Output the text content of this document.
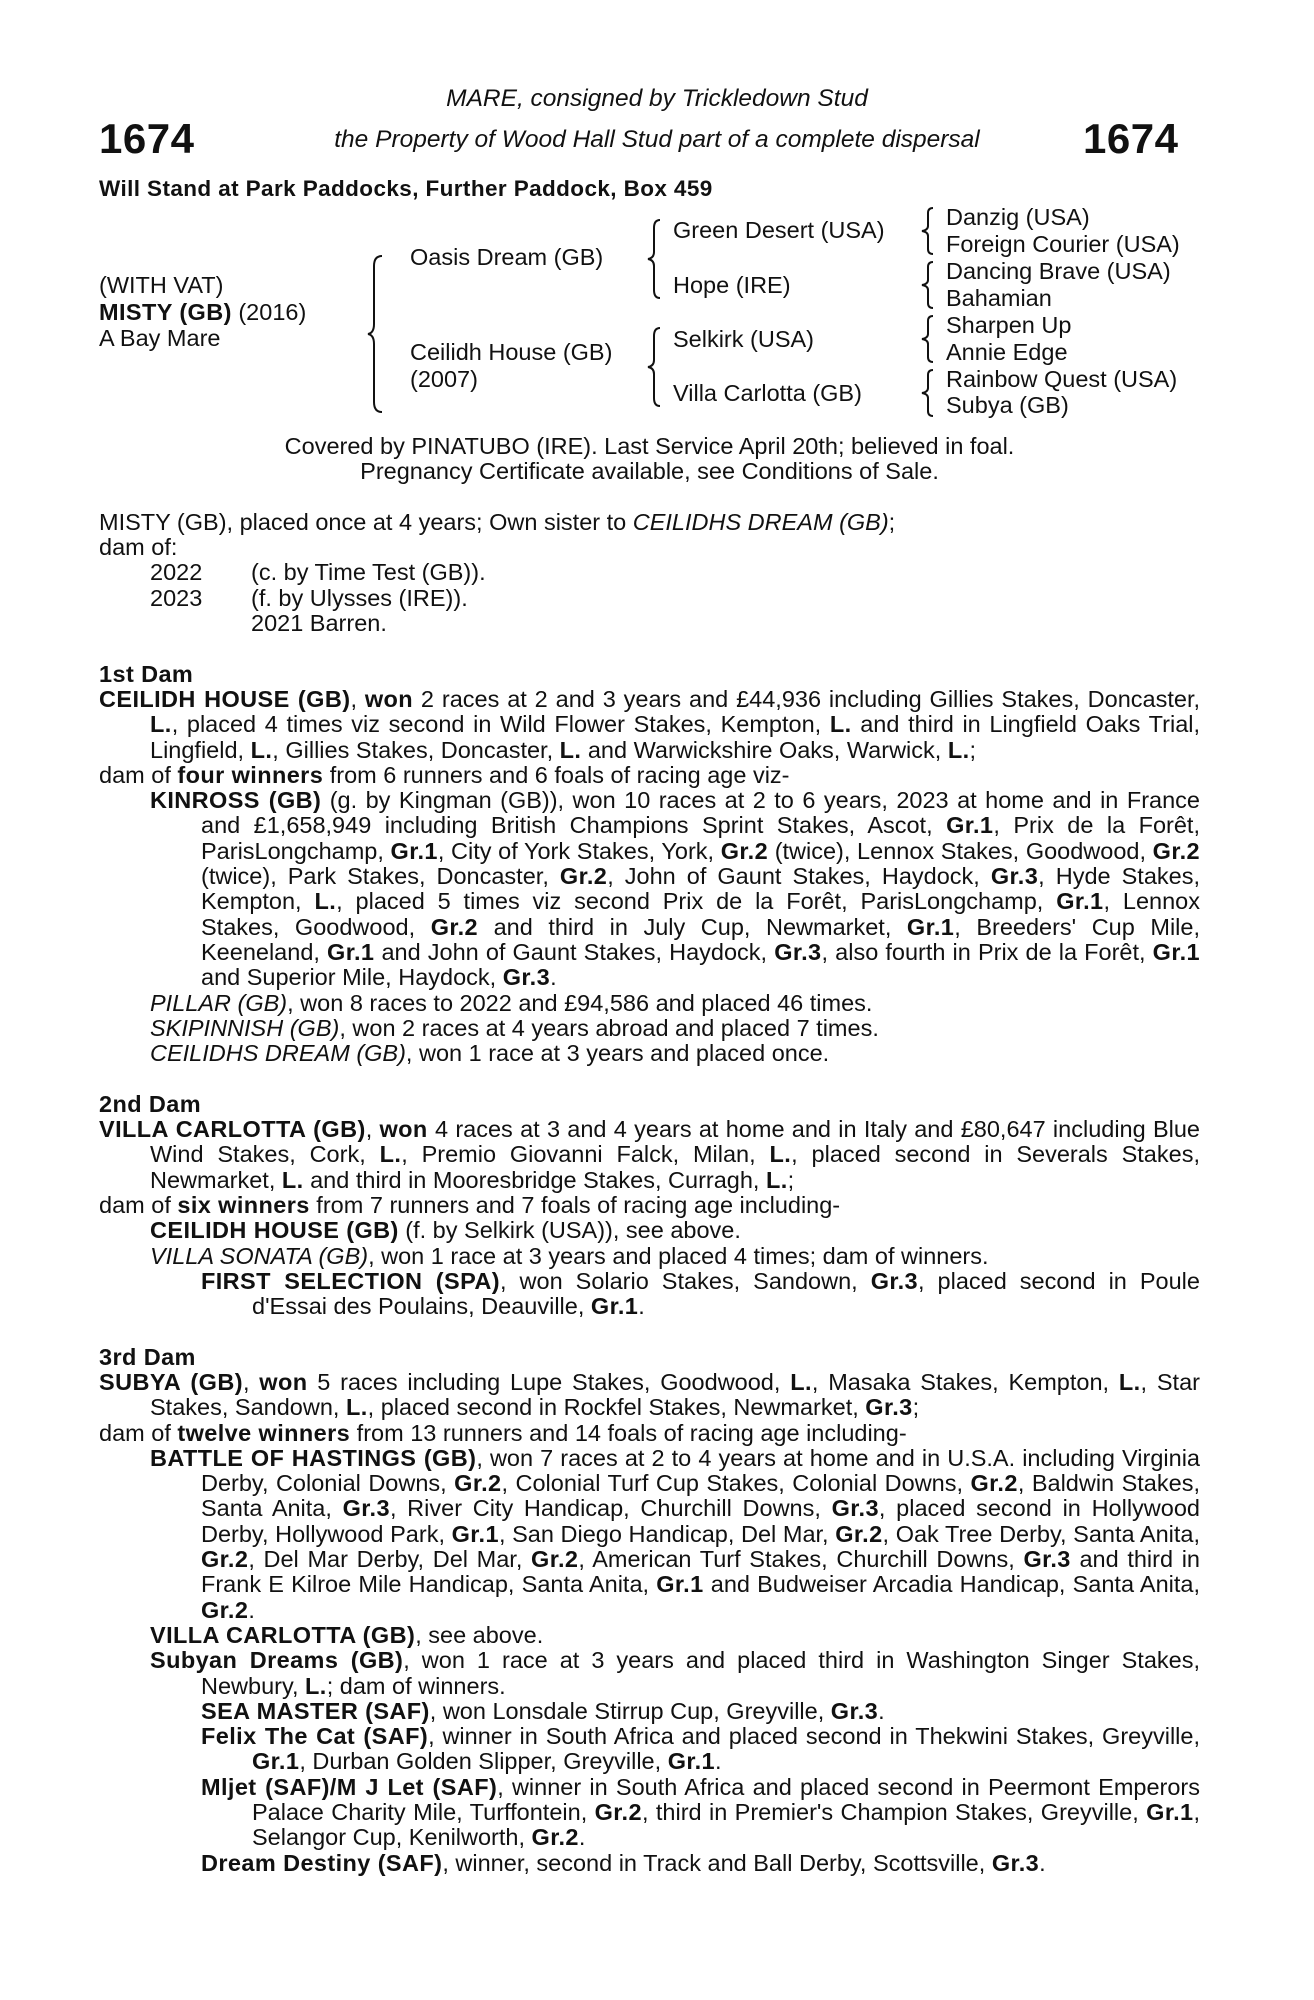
MARE, consigned by Trickledown Stud
the Property of Wood Hall Stud part of a complete dispersal
1674	1674
Will Stand at Park Paddocks, Further Paddock, Box 459
(WITH VAT)
MISTY (GB) (2016)
A Bay Mare
Oasis Dream (GB)
Ceilidh House (GB)
(2007)
Green Desert (USA)
Hope (IRE)
Selkirk (USA)
Villa Carlotta (GB)
Danzig (USA)
Foreign Courier (USA)
Dancing Brave (USA)
Bahamian
Sharpen Up
Annie Edge
Rainbow Quest (USA)
Subya (GB)
Covered by PINATUBO (IRE). Last Service April 20th; believed in foal.
Pregnancy Certificate available, see Conditions of Sale.
MISTY (GB), placed once at 4 years; Own sister to CEILIDHS DREAM (GB);
dam of:
2022	(c. by Time Test (GB)).
2023	(f. by Ulysses (IRE)).
2021 Barren.
1st Dam
CEILIDH HOUSE (GB), won 2 races at 2 and 3 years and £44,936 including Gillies Stakes, Doncaster, L., placed 4 times viz second in Wild Flower Stakes, Kempton, L. and third in Lingfield Oaks Trial, Lingfield, L., Gillies Stakes, Doncaster, L. and Warwickshire Oaks, Warwick, L.;
dam of four winners from 6 runners and 6 foals of racing age viz-
KINROSS (GB) (g. by Kingman (GB)), won 10 races at 2 to 6 years, 2023 at home and in France and £1,658,949 including British Champions Sprint Stakes, Ascot, Gr.1, Prix de la Forêt, ParisLongchamp, Gr.1, City of York Stakes, York, Gr.2 (twice), Lennox Stakes, Goodwood, Gr.2 (twice), Park Stakes, Doncaster, Gr.2, John of Gaunt Stakes, Haydock, Gr.3, Hyde Stakes, Kempton, L., placed 5 times viz second Prix de la Forêt, ParisLongchamp, Gr.1, Lennox Stakes, Goodwood, Gr.2 and third in July Cup, Newmarket, Gr.1, Breeders' Cup Mile, Keeneland, Gr.1 and John of Gaunt Stakes, Haydock, Gr.3, also fourth in Prix de la Forêt, Gr.1 and Superior Mile, Haydock, Gr.3.
PILLAR (GB), won 8 races to 2022 and £94,586 and placed 46 times.
SKIPINNISH (GB), won 2 races at 4 years abroad and placed 7 times.
CEILIDHS DREAM (GB), won 1 race at 3 years and placed once.
2nd Dam
VILLA CARLOTTA (GB), won 4 races at 3 and 4 years at home and in Italy and £80,647 including Blue Wind Stakes, Cork, L., Premio Giovanni Falck, Milan, L., placed second in Severals Stakes, Newmarket, L. and third in Mooresbridge Stakes, Curragh, L.;
dam of six winners from 7 runners and 7 foals of racing age including-
CEILIDH HOUSE (GB) (f. by Selkirk (USA)), see above.
VILLA SONATA (GB), won 1 race at 3 years and placed 4 times; dam of winners.
FIRST SELECTION (SPA), won Solario Stakes, Sandown, Gr.3, placed second in Poule d'Essai des Poulains, Deauville, Gr.1.
3rd Dam
SUBYA (GB), won 5 races including Lupe Stakes, Goodwood, L., Masaka Stakes, Kempton, L., Star Stakes, Sandown, L., placed second in Rockfel Stakes, Newmarket, Gr.3;
dam of twelve winners from 13 runners and 14 foals of racing age including-
BATTLE OF HASTINGS (GB), won 7 races at 2 to 4 years at home and in U.S.A. including Virginia Derby, Colonial Downs, Gr.2, Colonial Turf Cup Stakes, Colonial Downs, Gr.2, Baldwin Stakes, Santa Anita, Gr.3, River City Handicap, Churchill Downs, Gr.3, placed second in Hollywood Derby, Hollywood Park, Gr.1, San Diego Handicap, Del Mar, Gr.2, Oak Tree Derby, Santa Anita, Gr.2, Del Mar Derby, Del Mar, Gr.2, American Turf Stakes, Churchill Downs, Gr.3 and third in Frank E Kilroe Mile Handicap, Santa Anita, Gr.1 and Budweiser Arcadia Handicap, Santa Anita, Gr.2.
VILLA CARLOTTA (GB), see above.
Subyan Dreams (GB), won 1 race at 3 years and placed third in Washington Singer Stakes, Newbury, L.; dam of winners.
SEA MASTER (SAF), won Lonsdale Stirrup Cup, Greyville, Gr.3.
Felix The Cat (SAF), winner in South Africa and placed second in Thekwini Stakes, Greyville, Gr.1, Durban Golden Slipper, Greyville, Gr.1.
Mljet (SAF)/M J Let (SAF), winner in South Africa and placed second in Peermont Emperors Palace Charity Mile, Turffontein, Gr.2, third in Premier's Champion Stakes, Greyville, Gr.1, Selangor Cup, Kenilworth, Gr.2.
Dream Destiny (SAF), winner, second in Track and Ball Derby, Scottsville, Gr.3.
